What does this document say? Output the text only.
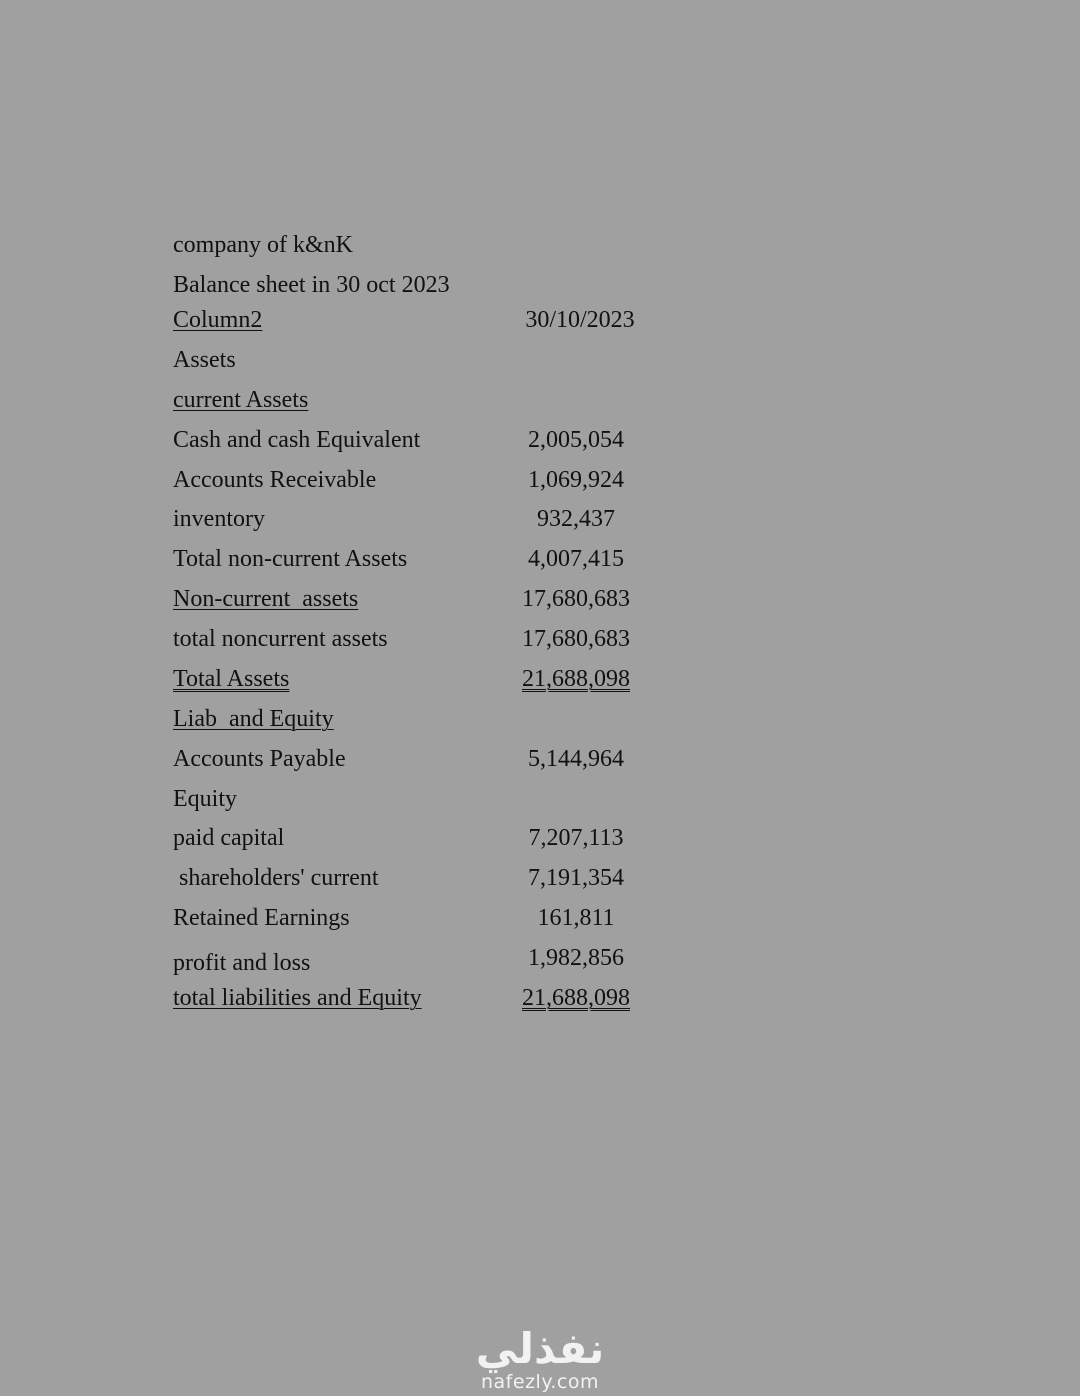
company of k&nK
Balance sheet in 30 oct 2023
Column2	30/10/2023
Assets
current Assets
Cash and cash Equivalent	2,005,054
Accounts Receivable	1,069,924
inventory	932,437
Total non-current Assets	4,007,415
Non-current  assets	17,680,683
total noncurrent assets	17,680,683
Total Assets	21,688,098
Liab  and Equity
Accounts Payable	5,144,964
Equity
paid capital	7,207,113
shareholders' current	7,191,354
Retained Earnings	161,811
profit and loss	1,982,856
total liabilities and Equity	21,688,098
نفذلي
nafezly.com
